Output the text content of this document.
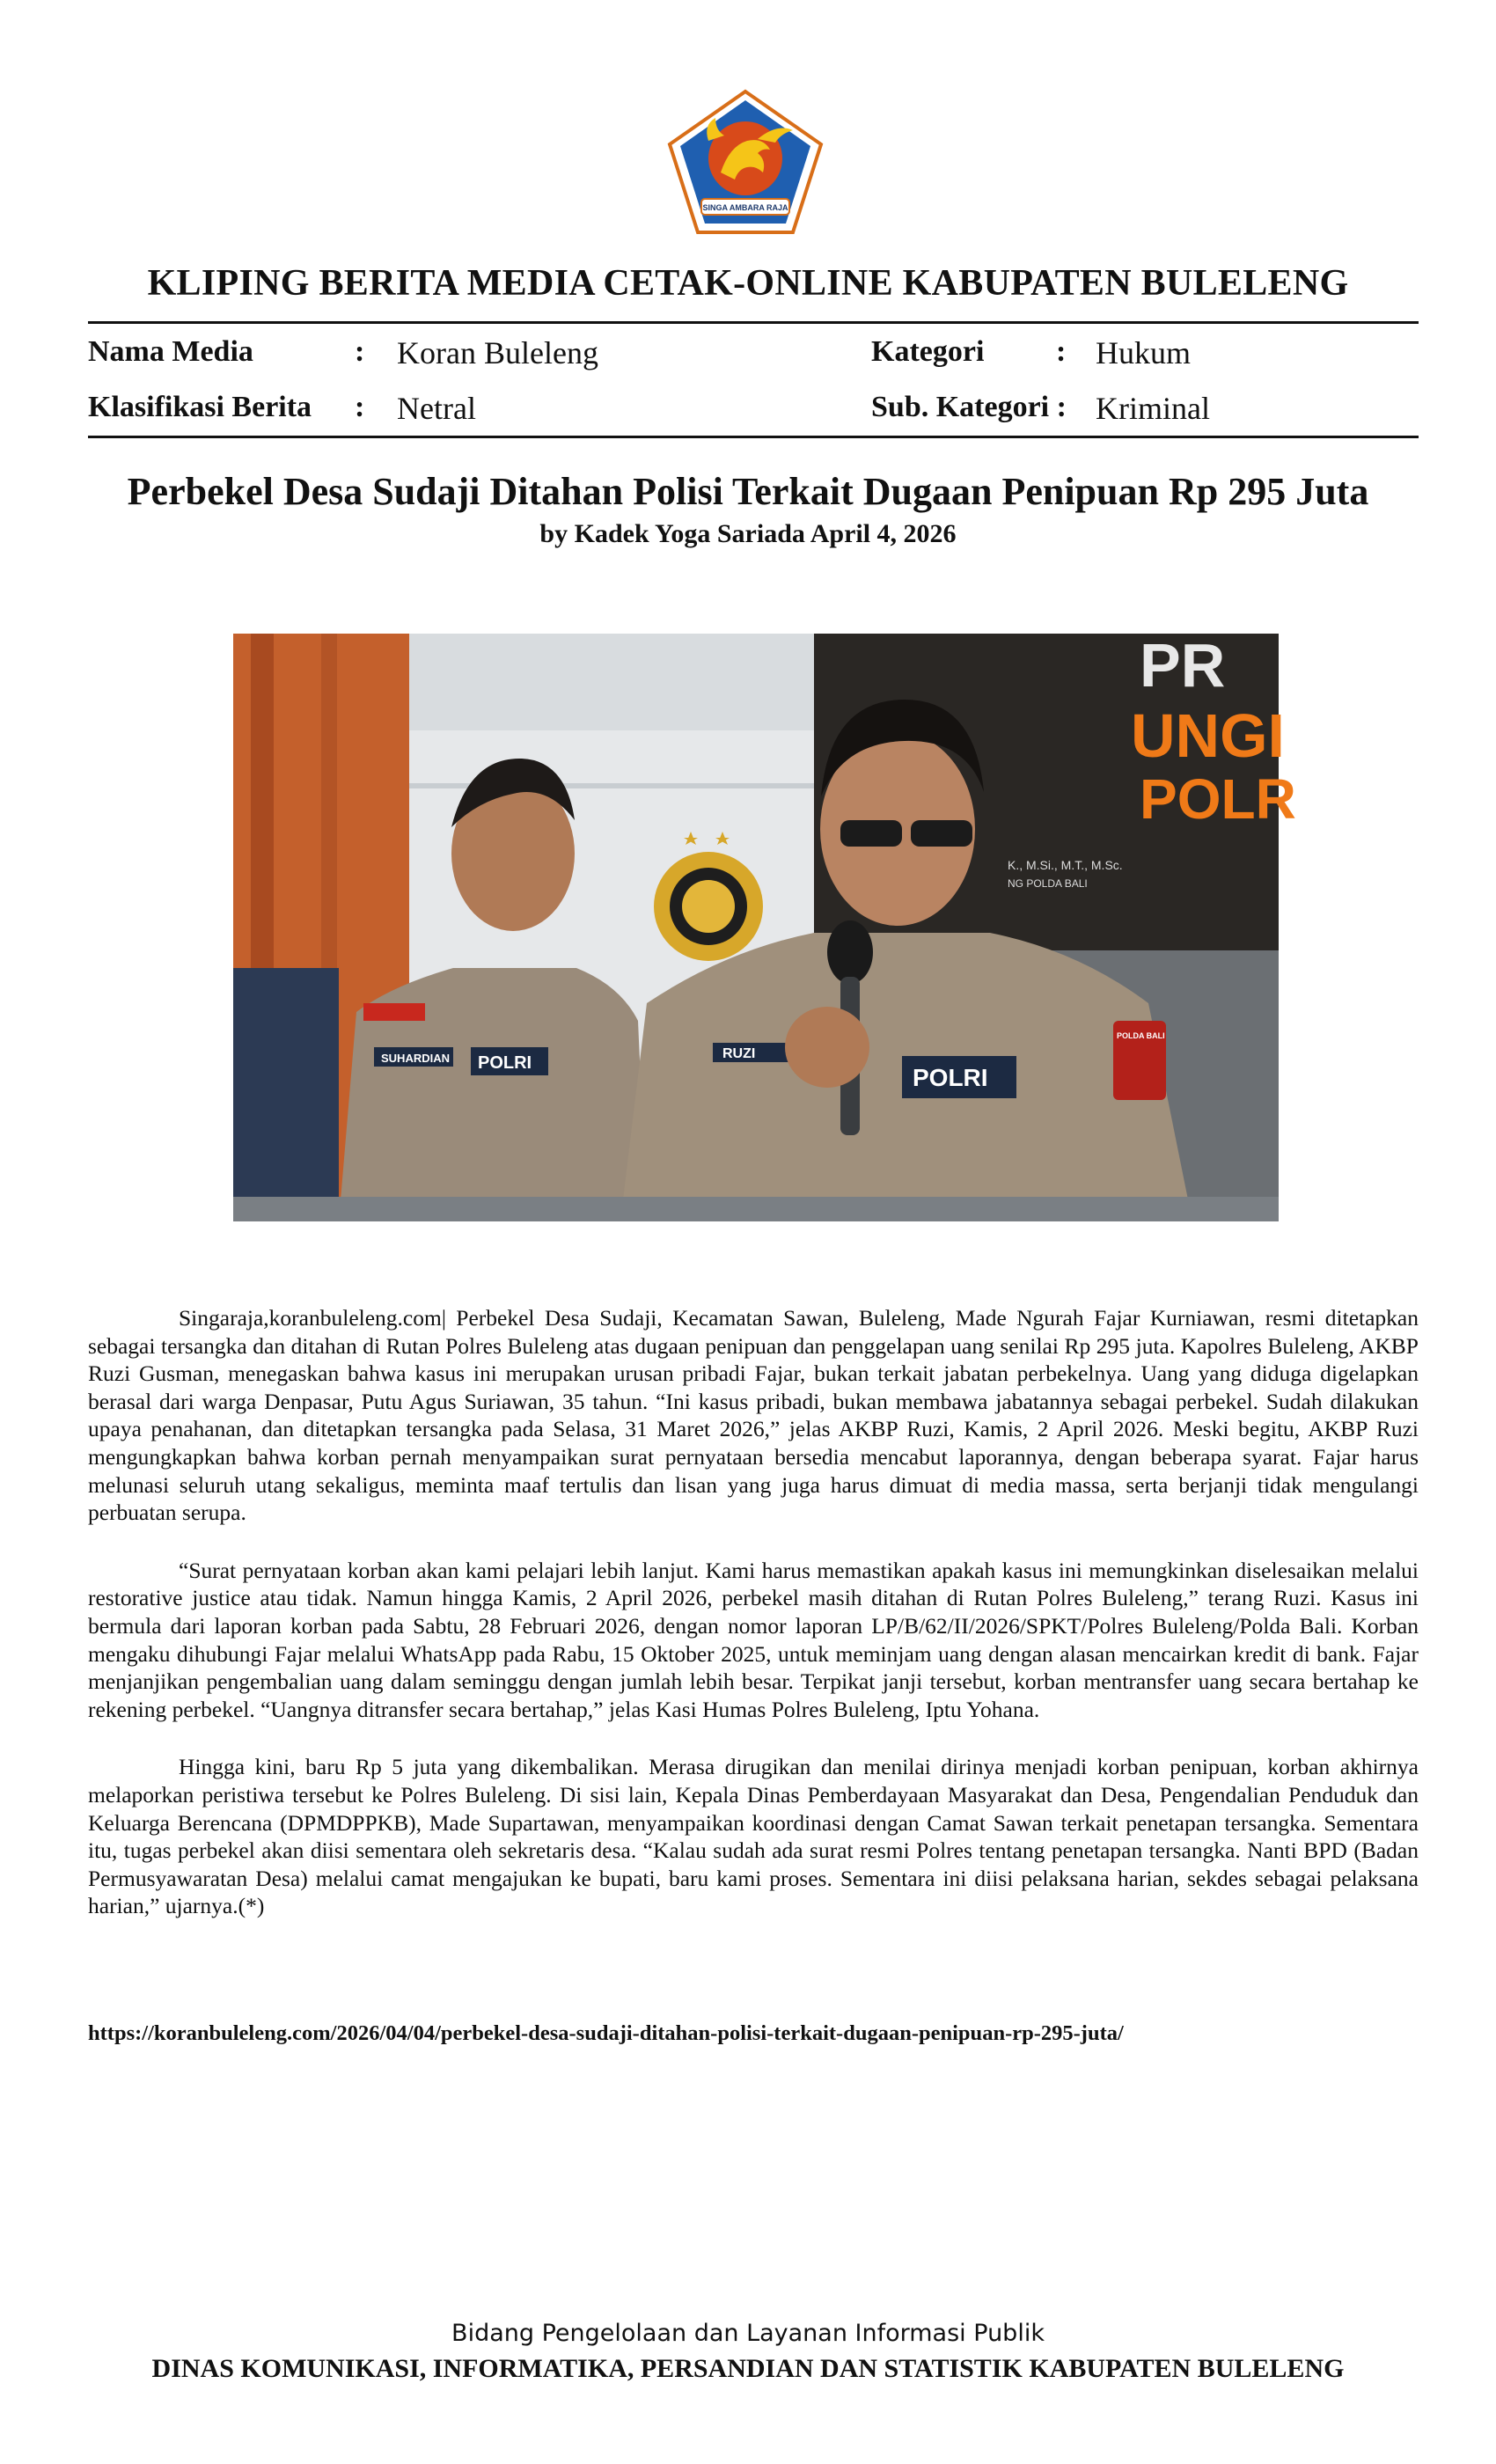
SINGA AMBARA RAJA
KLIPING BERITA MEDIA CETAK-ONLINE KABUPATEN BULELENG
Nama Media	: Koran Buleleng	Kategori : Hukum
Klasifikasi Berita : Netral	Sub. Kategori : Kriminal
Perbekel Desa Sudaji Ditahan Polisi Terkait Dugaan Penipuan Rp 295 Juta
by Kadek Yoga Sariada April 4, 2026
PR
UNGI
POLR
K., M.Si., M.T., M.Sc.
NG POLDA BALI
SUHARDIAN POLRI	RUZI
POLRI
POLDA BALI

Singaraja,koranbuleleng.com| Perbekel Desa Sudaji, Kecamatan Sawan, Buleleng, Made Ngurah Fajar Kurniawan, resmi ditetapkan sebagai tersangka dan ditahan di Rutan Polres Buleleng atas dugaan penipuan dan penggelapan uang senilai Rp 295 juta. Kapolres Buleleng, AKBP Ruzi Gusman, menegaskan bahwa kasus ini merupakan urusan pribadi Fajar, bukan terkait jabatan perbekelnya. Uang yang diduga digelapkan berasal dari warga Denpasar, Putu Agus Suriawan, 35 tahun. “Ini kasus pribadi, bukan membawa jabatannya sebagai perbekel. Sudah dilakukan upaya penahanan, dan ditetapkan tersangka pada Selasa, 31 Maret 2026,” jelas AKBP Ruzi, Kamis, 2 April 2026. Meski begitu, AKBP Ruzi mengungkapkan bahwa korban pernah menyampaikan surat pernyataan bersedia mencabut laporannya, dengan beberapa syarat. Fajar harus melunasi seluruh utang sekaligus, meminta maaf tertulis dan lisan yang juga harus dimuat di media massa, serta berjanji tidak mengulangi perbuatan serupa.

“Surat pernyataan korban akan kami pelajari lebih lanjut. Kami harus memastikan apakah kasus ini memungkinkan diselesaikan melalui restorative justice atau tidak. Namun hingga Kamis, 2 April 2026, perbekel masih ditahan di Rutan Polres Buleleng,” terang Ruzi. Kasus ini bermula dari laporan korban pada Sabtu, 28 Februari 2026, dengan nomor laporan LP/B/62/II/2026/SPKT/Polres Buleleng/Polda Bali. Korban mengaku dihubungi Fajar melalui WhatsApp pada Rabu, 15 Oktober 2025, untuk meminjam uang dengan alasan mencairkan kredit di bank. Fajar menjanjikan pengembalian uang dalam seminggu dengan jumlah lebih besar. Terpikat janji tersebut, korban mentransfer uang secara bertahap ke rekening perbekel. “Uangnya ditransfer secara bertahap,” jelas Kasi Humas Polres Buleleng, Iptu Yohana.

Hingga kini, baru Rp 5 juta yang dikembalikan. Merasa dirugikan dan menilai dirinya menjadi korban penipuan, korban akhirnya melaporkan peristiwa tersebut ke Polres Buleleng. Di sisi lain, Kepala Dinas Pemberdayaan Masyarakat dan Desa, Pengendalian Penduduk dan Keluarga Berencana (DPMDPPKB), Made Supartawan, menyampaikan koordinasi dengan Camat Sawan terkait penetapan tersangka. Sementara itu, tugas perbekel akan diisi sementara oleh sekretaris desa. “Kalau sudah ada surat resmi Polres tentang penetapan tersangka. Nanti BPD (Badan Permusyawaratan Desa) melalui camat mengajukan ke bupati, baru kami proses. Sementara ini diisi pelaksana harian, sekdes sebagai pelaksana harian,” ujarnya.(*)

https://koranbuleleng.com/2026/04/04/perbekel-desa-sudaji-ditahan-polisi-terkait-dugaan-penipuan-rp-295-juta/
Bidang Pengelolaan dan Layanan Informasi Publik
DINAS KOMUNIKASI, INFORMATIKA, PERSANDIAN DAN STATISTIK KABUPATEN BULELENG
